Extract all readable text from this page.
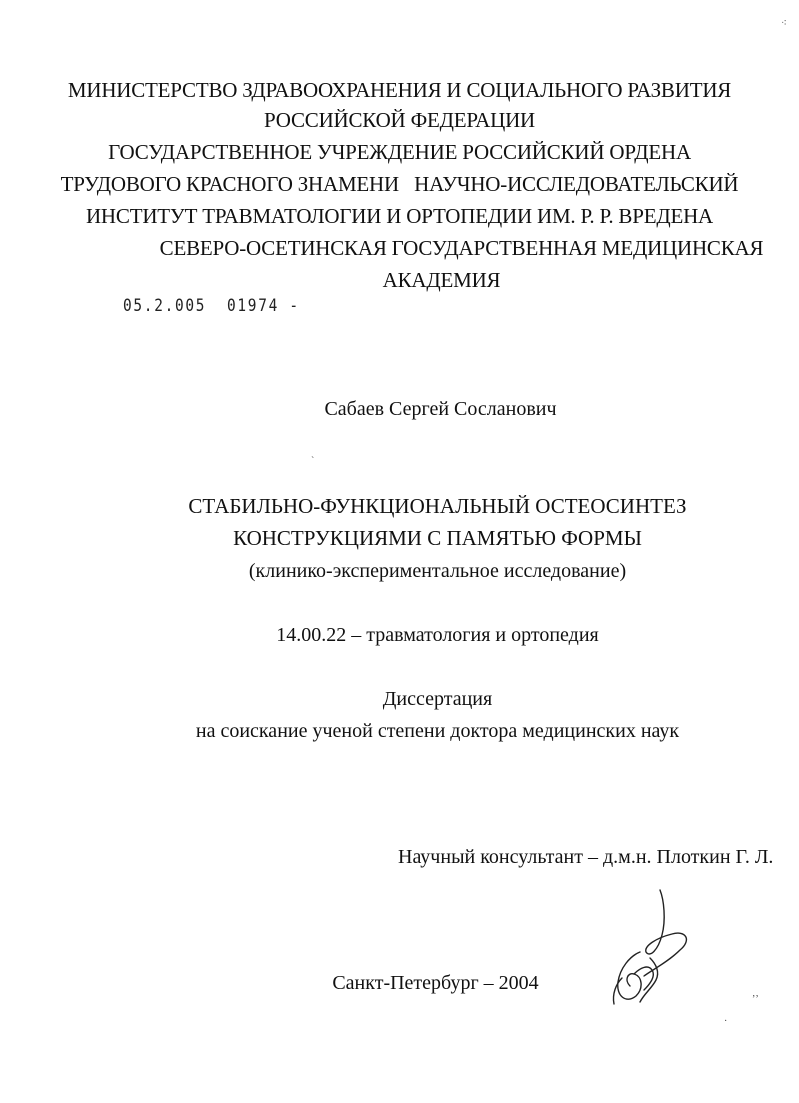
МИНИСТЕРСТВО ЗДРАВООХРАНЕНИЯ И СОЦИАЛЬНОГО РАЗВИТИЯ
РОССИЙСКОЙ ФЕДЕРАЦИИ
ГОСУДАРСТВЕННОЕ УЧРЕЖДЕНИЕ РОССИЙСКИЙ ОРДЕНА
ТРУДОВОГО КРАСНОГО ЗНАМЕНИ   НАУЧНО-ИССЛЕДОВАТЕЛЬСКИЙ
ИНСТИТУТ ТРАВМАТОЛОГИИ И ОРТОПЕДИИ ИМ. Р. Р. ВРЕДЕНА
СЕВЕРО-ОСЕТИНСКАЯ ГОСУДАРСТВЕННАЯ МЕДИЦИНСКАЯ
АКАДЕМИЯ
05.2.005  01974 -
Сабаев Сергей Сосланович
ˋ
⁖
‚‚
·
СТАБИЛЬНО-ФУНКЦИОНАЛЬНЫЙ ОСТЕОСИНТЕЗ
КОНСТРУКЦИЯМИ С ПАМЯТЬЮ ФОРМЫ
(клинико-экспериментальное исследование)
14.00.22 – травматология и ортопедия
Диссертация
на соискание ученой степени доктора медицинских наук
Научный консультант – д.м.н. Плоткин Г. Л.
Санкт-Петербург – 2004
